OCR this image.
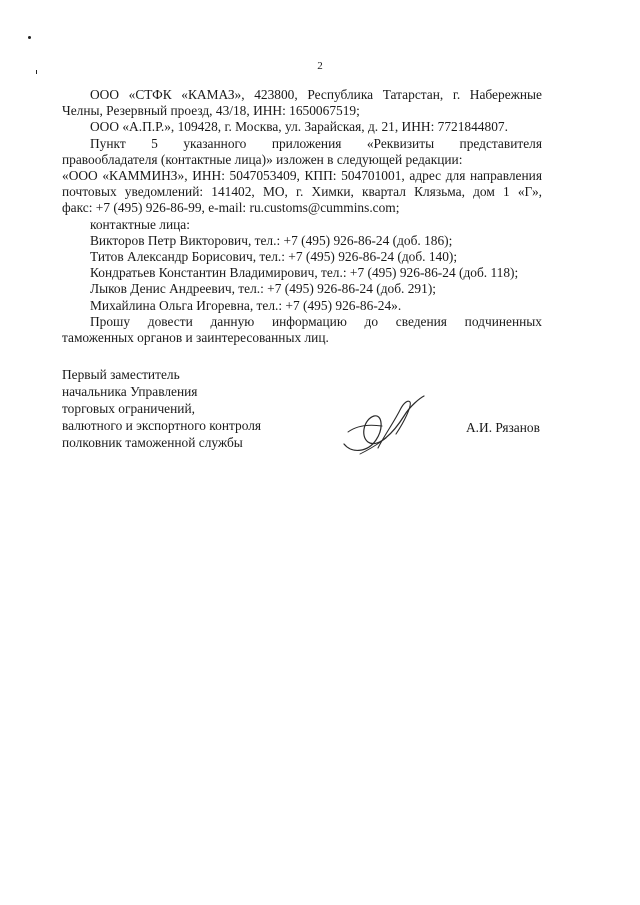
2

ООО «СТФК «КАМАЗ», 423800, Республика Татарстан, г. Набережные

Челны, Резервный проезд, 43/18, ИНН: 1650067519;

ООО «А.П.Р.», 109428, г. Москва, ул. Зарайская, д. 21, ИНН: 7721844807.

Пункт 5 указанного приложения «Реквизиты представителя

правообладателя (контактные лица)» изложен в следующей редакции:

«ООО «КАММИНЗ», ИНН: 5047053409, КПП: 504701001, адрес для направления
почтовых уведомлений: 141402, МО, г. Химки, квартал Клязьма, дом 1 «Г»,
факс: +7 (495) 926-86-99, e-mail: ru.customs@cummins.com;

контактные лица:

Викторов Петр Викторович, тел.: +7 (495) 926-86-24 (доб. 186);

Титов Александр Борисович, тел.: +7 (495) 926-86-24 (доб. 140);

Кондратьев Константин Владимирович, тел.: +7 (495) 926-86-24 (доб. 118);

Лыков Денис Андреевич, тел.: +7 (495) 926-86-24 (доб. 291);

Михайлина Ольга Игоревна, тел.: +7 (495) 926-86-24».

Прошу довести данную информацию до сведения подчиненных

таможенных органов и заинтересованных лиц.

Первый заместитель
начальника Управления
торговых ограничений,
валютного и экспортного контроля
полковник таможенной службы
А.И. Рязанов
